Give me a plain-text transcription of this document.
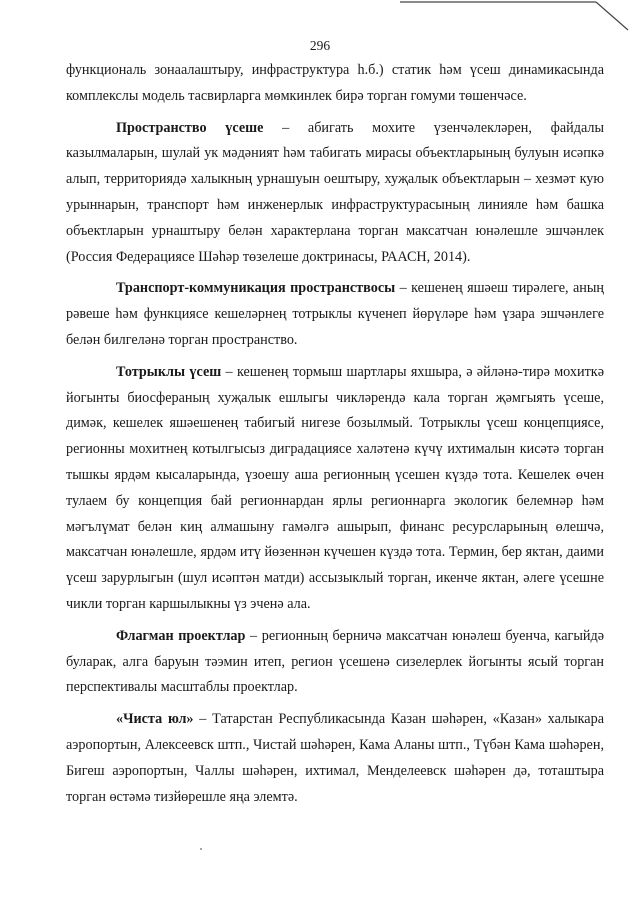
296

функциональ зонаалаштыру, инфраструктура һ.б.) статик һәм үсеш динамикасында комплекслы модель тасвирларга мөмкинлек бирә торган гомуми төшенчәсе.

Пространство үсеше – абигать мохите үзенчәлекләрен, файдалы казылмаларын, шулай ук мәдәният һәм табигать мирасы объектларының булуын исәпкә алып, территориядә халыкның урнашуын оештыру, хуҗалык объектларын – хезмәт кую урыннарын, транспорт һәм инженерлык инфраструктурасының линияле һәм башка объектларын урнаштыру белән характерлана торган максатчан юнәлешле эшчәнлек (Россия Федерациясе Шәһәр төзелеше доктринасы, РААСН, 2014).

Транспорт-коммуникация пространствосы – кешенең яшәеш тирәлеге, аның рәвеше һәм функциясе кешеләрнең тотрыклы күченеп йөрүләре һәм үзара эшчәнлеге белән билгеләнә торган пространство.

Тотрыклы үсеш – кешенең тормыш шартлары яхшыра, ә әйләнә-тирә мохиткә йогынты биосфераның хуҗалык ешлыгы чикләрендә кала торган җәмгыять үсеше, димәк, кешелек яшәешенең табигый нигезе бозылмый. Тотрыклы үсеш концепциясе, регионны мохитнең котылгысыз диградациясе халәтенә күчү ихтималын кисәтә торган тышкы ярдәм кысаларында, үзоешу аша регионның үсешен күздә тота. Кешелек өчен тулаем бу концепция бай регионнардан ярлы регионнарга экологик белемнәр һәм мәгълүмат белән киң алмашыну гамәлгә ашырып, финанс ресурсларының өлешчә, максатчан юнәлешле, ярдәм итү йөзеннән күчешен күздә тота. Термин, бер яктан, даими үсеш зарурлыгын (шул исәптән матди) ассызыклый торган, икенче яктан, әлеге үсешне чикли торган каршылыкны үз эченә ала.

Флагман проектлар – регионның берничә максатчан юнәлеш буенча, кагыйдә буларак, алга баруын тәэмин итеп, регион үсешенә сизелерлек йогынты ясый торган перспективалы масштаблы проектлар.

«Чиста юл» – Татарстан Республикасында Казан шәһәрен, «Казан» халыкара аэропортын, Алексеевск штп., Чистай шәһәрен, Кама Аланы штп., Түбән Кама шәһәрен, Бигеш аэропортын, Чаллы шәһәрен, ихтимал, Менделеевск шәһәрен дә, тоташтыра торган өстәмә тизйөрешле яңа элемтә.
